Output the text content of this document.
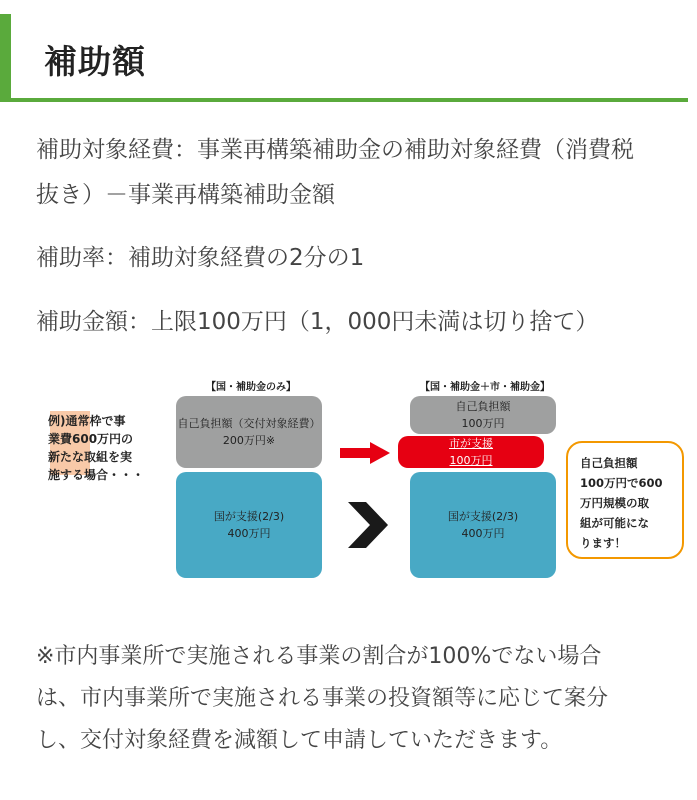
補助額
補助対象経費：事業再構築補助金の補助対象経費（消費税
抜き）－事業再構築補助金額
補助率：補助対象経費の2分の1
補助金額：上限100万円（1，000円未満は切り捨て）
例)通常枠で事
業費600万円の
新たな取組を実
施する場合・・・
【国・補助金のみ】
自己負担額（交付対象経費）
200万円※
国が支援(2/3)
400万円
【国・補助金＋市・補助金】
自己負担額
100万円
市が支援
100万円
国が支援(2/3)
400万円
自己負担額
100万円で600
万円規模の取
組が可能にな
ります！
※市内事業所で実施される事業の割合が100%でない場合
は、市内事業所で実施される事業の投資額等に応じて案分
し、交付対象経費を減額して申請していただきます。
